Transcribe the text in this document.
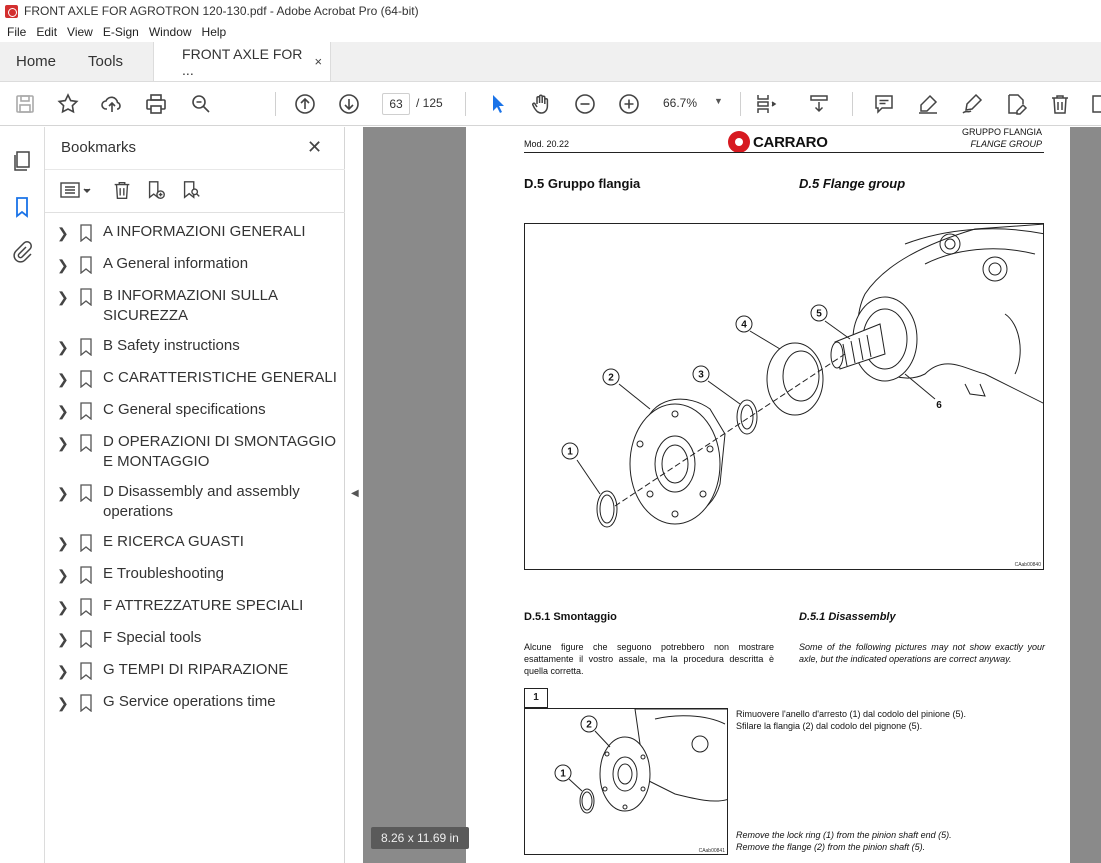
FRONT AXLE FOR AGROTRON 120-130.pdf - Adobe Acrobat Pro (64-bit)
File Edit View E-Sign Window Help
Home	Tools	FRONT AXLE FOR ...	×
63	/ 125	66.7% ▼
Bookmarks	✕
❯ A INFORMAZIONI GENERALI
❯ A General information
❯ B INFORMAZIONI SULLA SICUREZZA
❯ B Safety instructions
❯ C CARATTERISTICHE GENERALI
❯ C General specifications
❯ D OPERAZIONI DI SMONTAGGIO E MONTAGGIO
❯ D Disassembly and assembly operations
❯ E RICERCA GUASTI
❯ E Troubleshooting
❯ F ATTREZZATURE SPECIALI
❯ F Special tools
❯ G TEMPI DI RIPARAZIONE
❯ G Service operations time
◀
Mod. 20.22	CARRARO
GRUPPO FLANGIA
FLANGE GROUP
D.5 Gruppo flangia	D.5 Flange group
1
2	3
4
5
6
CAab00840
D.5.1 Smontaggio	D.5.1 Disassembly
Alcune figure che seguono potrebbero non mostrare esattamente il vostro assale, ma la procedura descritta è quella corretta.
Some of the following pictures may not show exactly your axle, but the indicated operations are correct anyway.
1
2
1
CAab00841
Rimuovere l'anello d'arresto (1) dal codolo del pinione (5).
Sfilare la flangia (2) dal codolo del pignone (5).
Remove the lock ring (1) from the pinion shaft end (5).
Remove the flange (2) from the pinion shaft (5).
8.26 x 11.69 in
